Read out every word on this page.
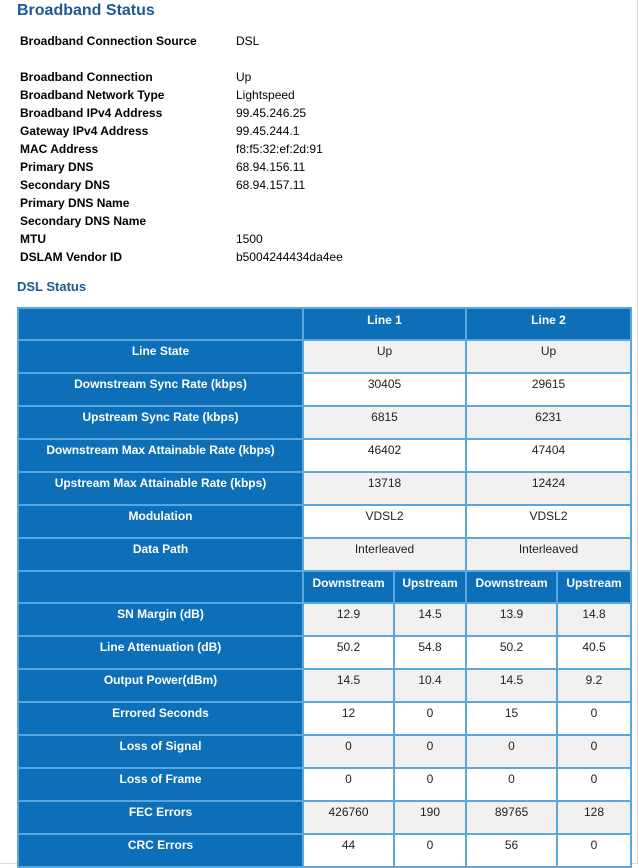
Broadband Status
Broadband Connection Source	DSL
Broadband Connection	Up
Broadband Network Type	Lightspeed
Broadband IPv4 Address	99.45.246.25
Gateway IPv4 Address	99.45.244.1
MAC Address	f8:f5:32:ef:2d:91
Primary DNS	68.94.156.11
Secondary DNS	68.94.157.11
Primary DNS Name
Secondary DNS Name
MTU	1500
DSLAM Vendor ID	b5004244434da4ee
DSL Status
	Line 1		Line 2	
Line State	Up		Up	
Downstream Sync Rate (kbps)	30405		29615	
Upstream Sync Rate (kbps)	6815		6231	
Downstream Max Attainable Rate (kbps)	46402		47404	
Upstream Max Attainable Rate (kbps)	13718		12424	
Modulation	VDSL2		VDSL2	
Data Path	Interleaved		Interleaved	
	Downstream	Upstream	Downstream	Upstream
SN Margin (dB)	12.9	14.5	13.9	14.8
Line Attenuation (dB)	50.2	54.8	50.2	40.5
Output Power(dBm)	14.5	10.4	14.5	9.2
Errored Seconds	12	0	15	0
Loss of Signal	0	0	0	0
Loss of Frame	0	0	0	0
FEC Errors	426760	190	89765	128
CRC Errors	44	0	56	0
